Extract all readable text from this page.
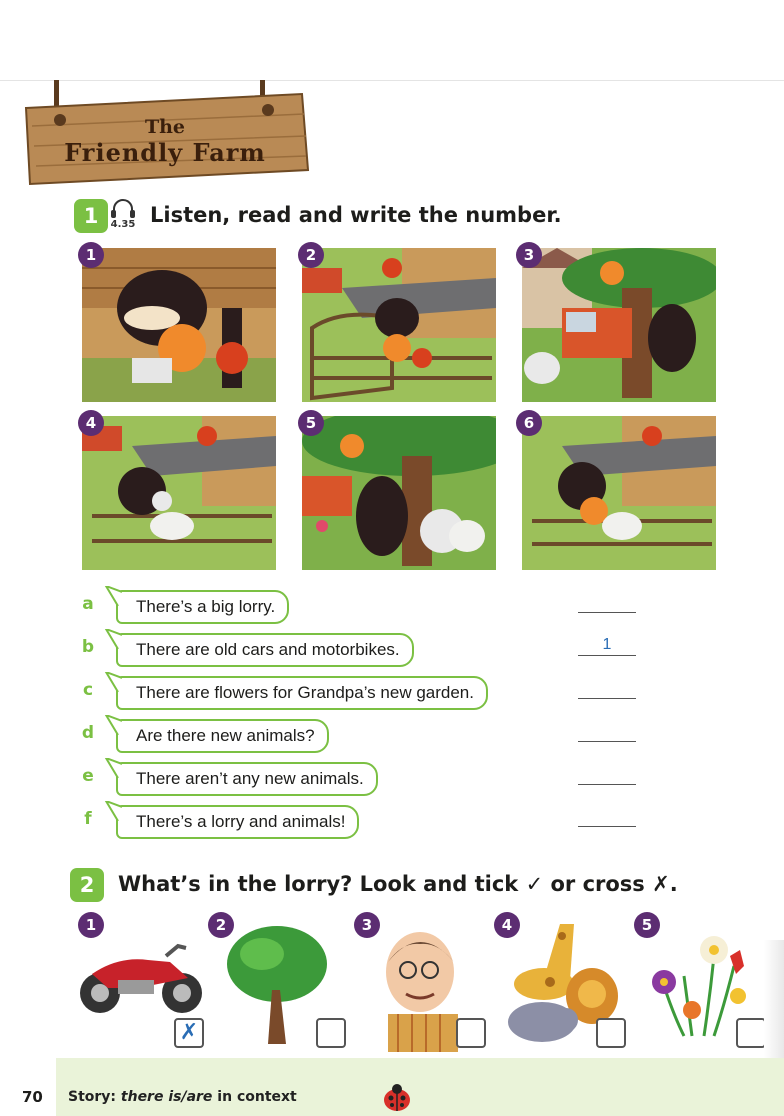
The
Friendly Farm
1	4.35 Listen, read and write the number.
1	2	3
4	5	6
a	There’s a big lorry.
b	There are old cars and motorbikes.	1
c	There are flowers for Grandpa’s new garden.
d	Are there new animals?
e	There aren’t any new animals.
f	There’s a lorry and animals!
2	What’s in the lorry? Look and tick ✓ or cross ✗.
1
✗
2	3	4	5
70 Story: there is/are in context
